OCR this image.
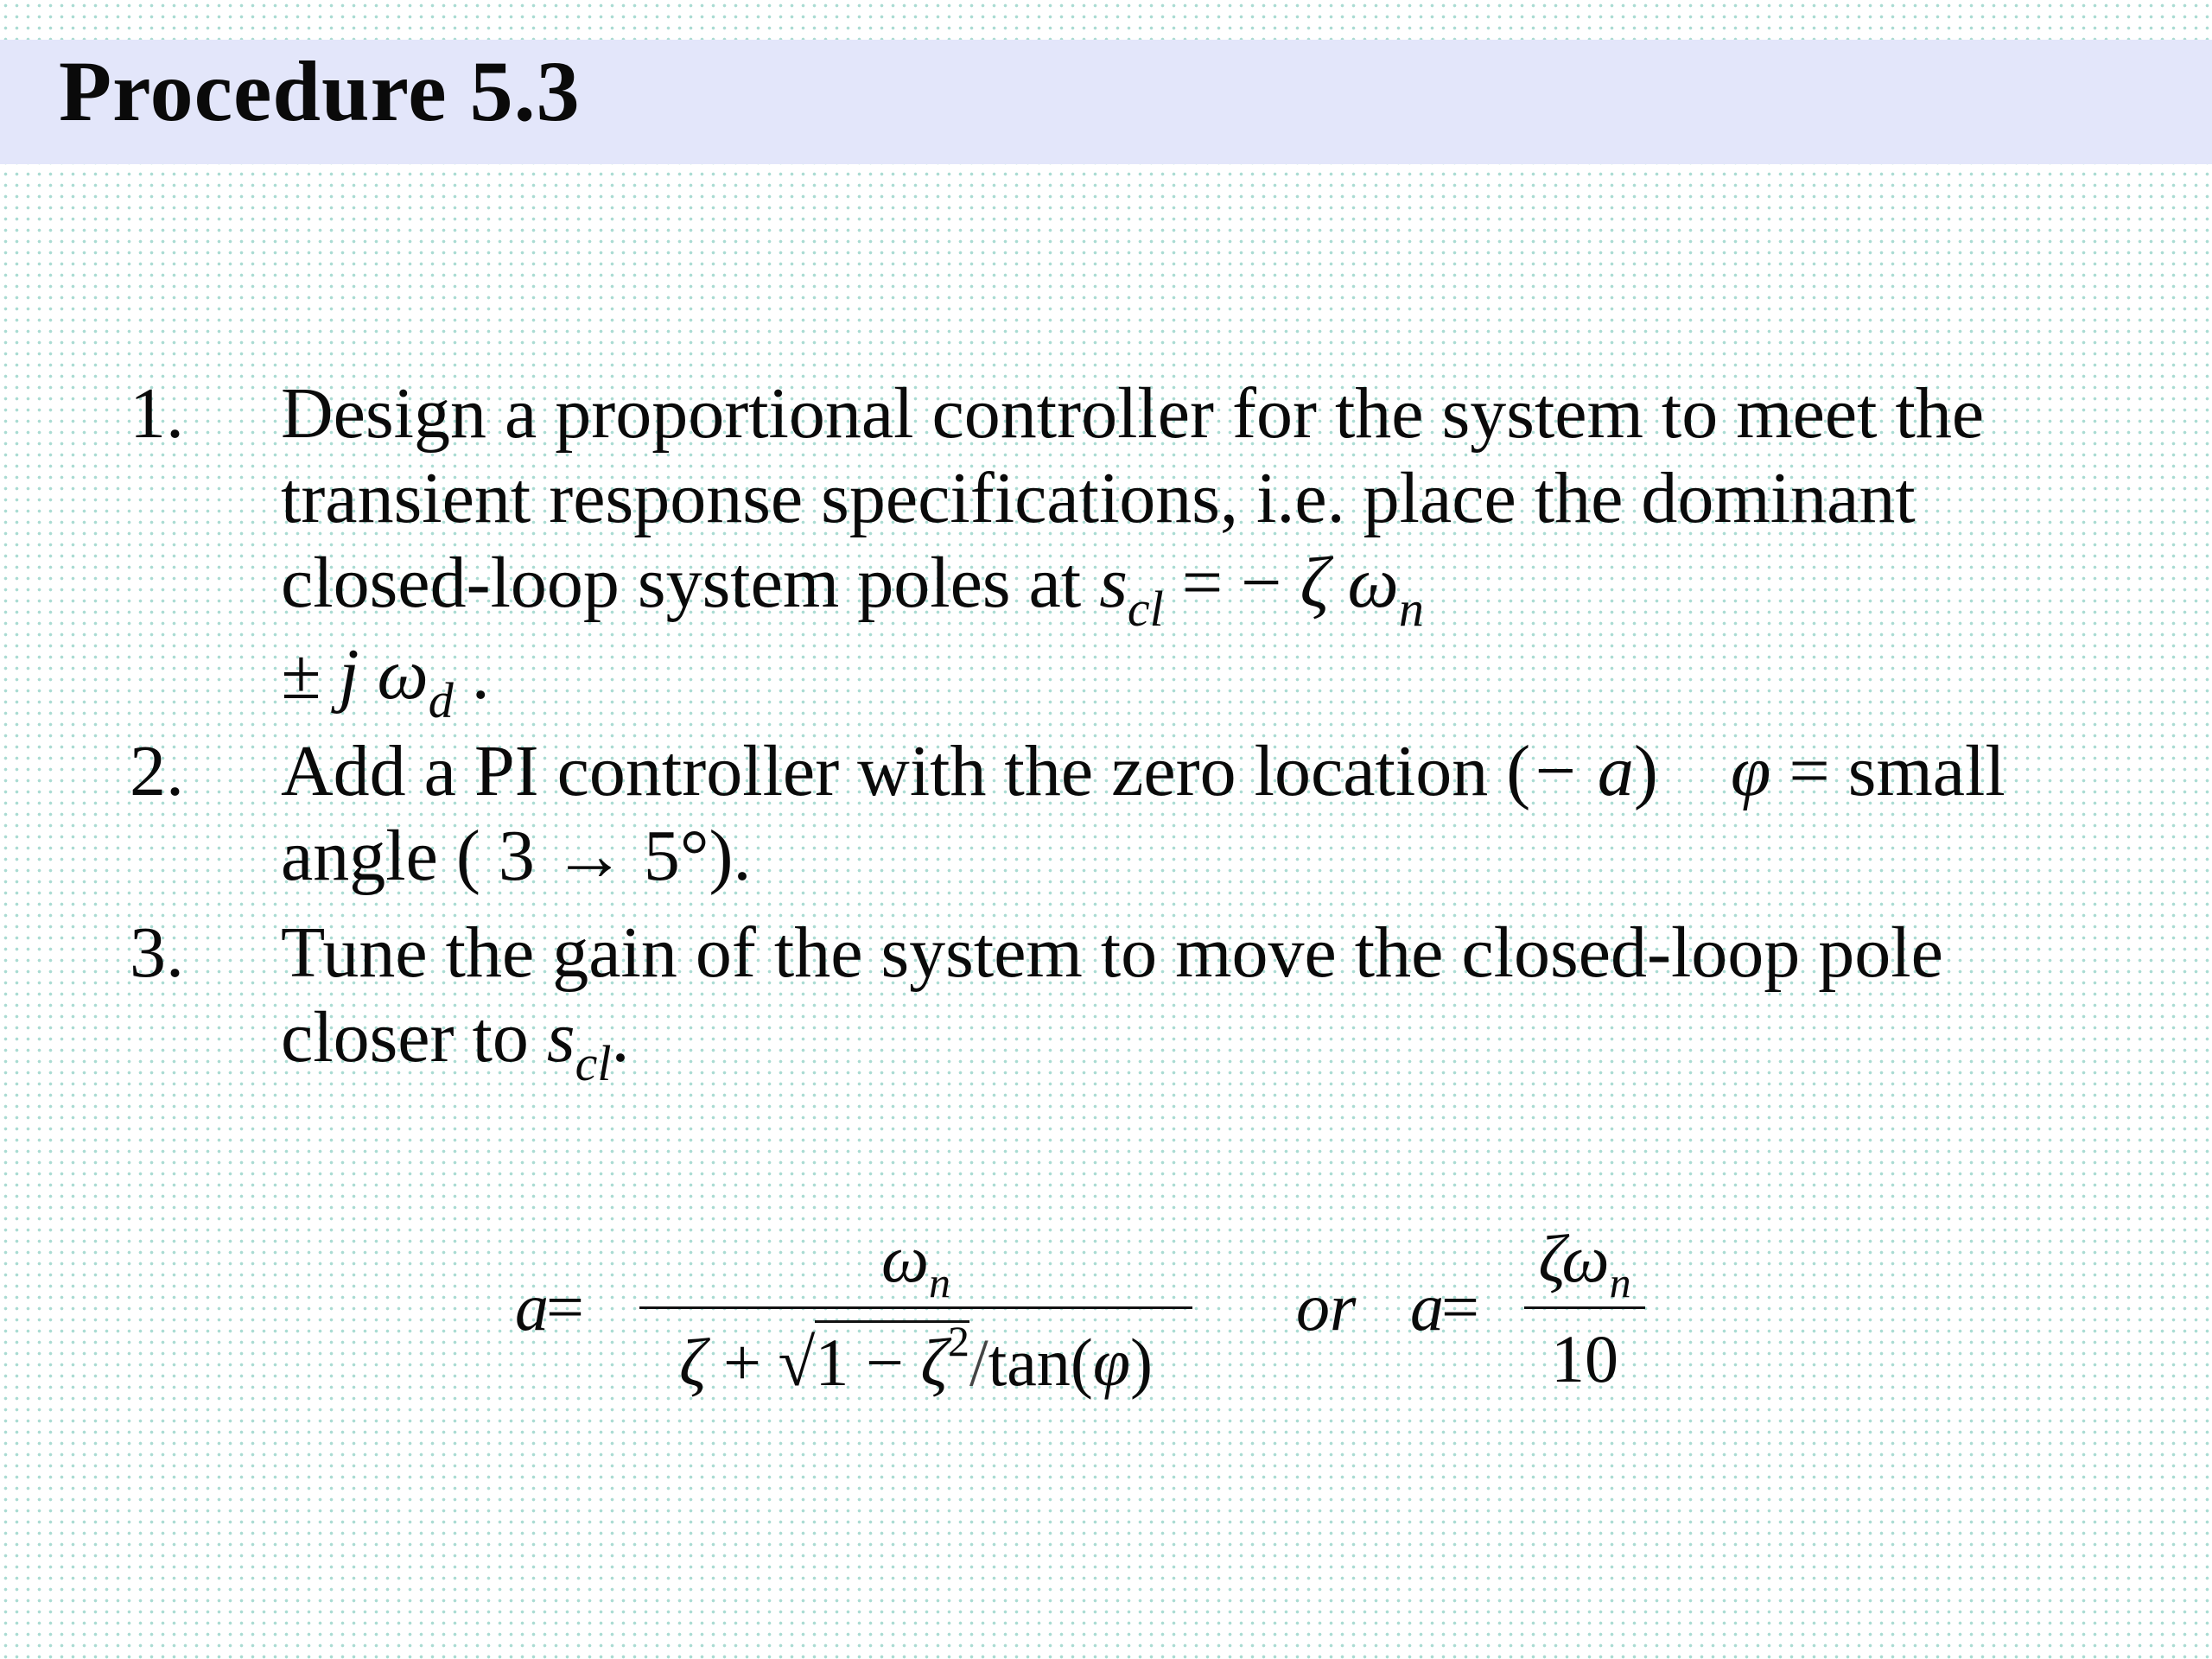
Procedure 5.3
1. Design a proportional controller for the system to meet the transient response specifications, i.e. place the dominant closed-loop system poles at $s_{cl}$ = − ζ $\omega_n$
± j $\omega_d$ .
2. Add a PI controller with the zero location (− a)    φ = small angle ( 3 → 5°).
3. Tune the gain of the system to move the closed-loop pole closer to $s_{cl}$.
a
=
$\omega_n$
$\zeta + √1 - \zeta^2/\tan(\varphi)$
or a
=
$\zeta\omega_n$
10
